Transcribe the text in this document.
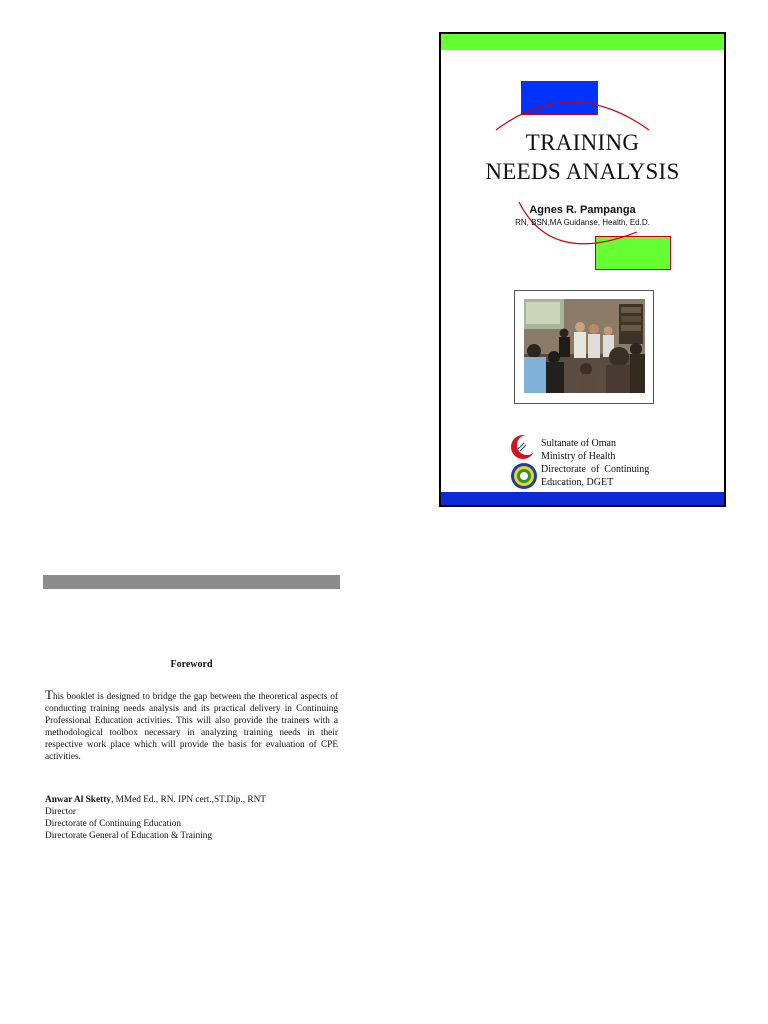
TRAINING
NEEDS ANALYSIS
Agnes R. Pampanga
RN, BSN,MA Guidanse, Health, Ed.D.
Sultanate of Oman
Ministry of Health
Directorate  of  Continuing
Education, DGET
Foreword
This booklet is designed to bridge the gap between the theoretical aspects of conducting training needs analysis and its practical delivery in Continuing Professional Education activities. This will also provide the trainers with a methodological toolbox necessary in analyzing training needs in their respective work place which will provide the basis for evaluation of CPE activities.
Anwar Al Sketty, MMed Ed., RN. IPN cert.,ST.Dip., RNT
Director
Directorate of Continuing Education
Directorate General of Education & Training
